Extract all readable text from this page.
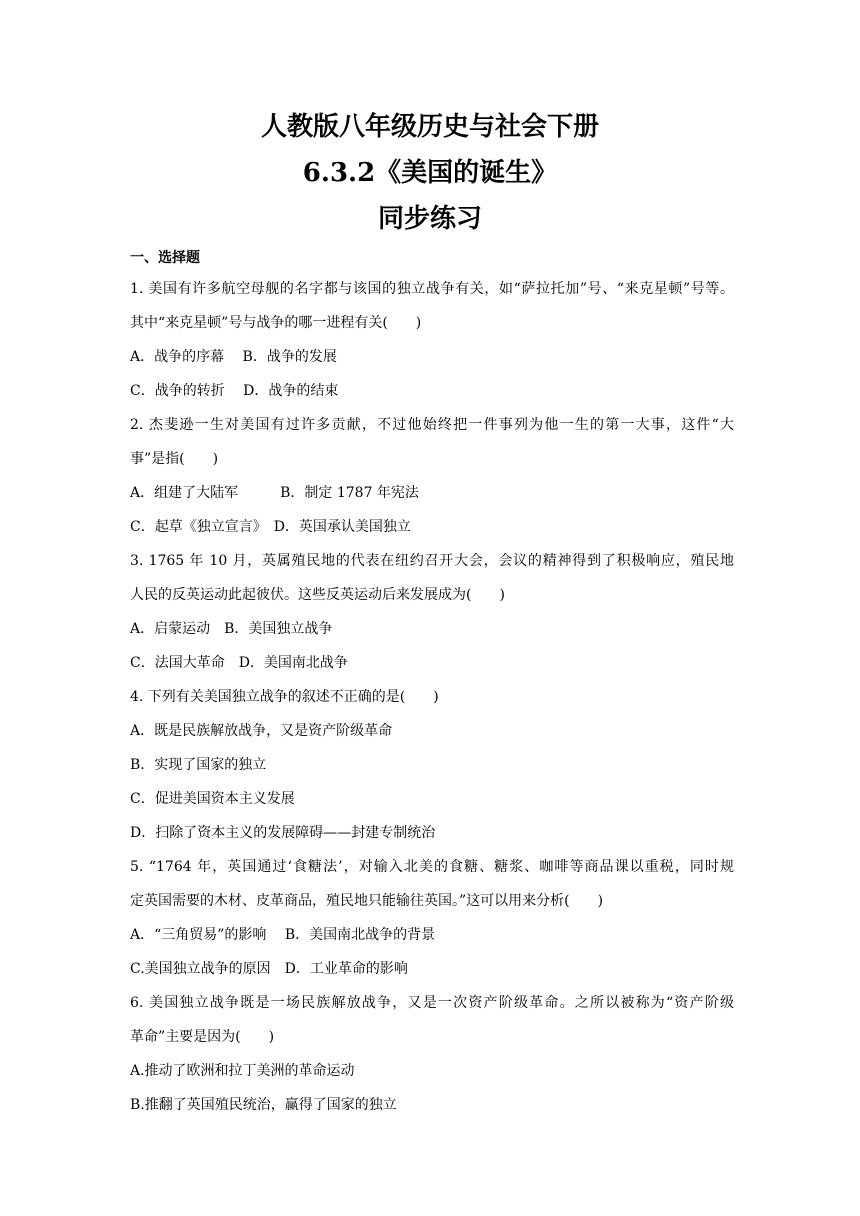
人教版八年级历史与社会下册
6.3.2《美国的诞生》
同步练习
一、选择题
1. 美国有许多航空母舰的名字都与该国的独立战争有关，如“萨拉托加”号、“来克星顿”号等。
其中“来克星顿”号与战争的哪一进程有关(　　)
A．战争的序幕　 B．战争的发展
C．战争的转折　 D．战争的结束
2. 杰斐逊一生对美国有过许多贡献，不过他始终把一件事列为他一生的第一大事，这件“大
事”是指(　　)
A．组建了大陆军　　　B．制定 1787 年宪法
C．起草《独立宣言》　D．英国承认美国独立
3. 1765 年 10 月，英属殖民地的代表在纽约召开大会，会议的精神得到了积极响应，殖民地
人民的反英运动此起彼伏。这些反英运动后来发展成为(　　)
A．启蒙运动　B．美国独立战争
C．法国大革命　D．美国南北战争
4. 下列有关美国独立战争的叙述不正确的是(　　)
A．既是民族解放战争，又是资产阶级革命
B．实现了国家的独立
C．促进美国资本主义发展
D．扫除了资本主义的发展障碍——封建专制统治
5. “1764 年，英国通过‘食糖法’，对输入北美的食糖、糖浆、咖啡等商品课以重税，同时规
定英国需要的木材、皮革商品，殖民地只能输往英国。”这可以用来分析(　　)
A．“三角贸易”的影响　 B．美国南北战争的背景
C.美国独立战争的原因　D．工业革命的影响
6. 美国独立战争既是一场民族解放战争，又是一次资产阶级革命。之所以被称为“资产阶级
革命”主要是因为(　　)
A.推动了欧洲和拉丁美洲的革命运动
B.推翻了英国殖民统治，赢得了国家的独立
